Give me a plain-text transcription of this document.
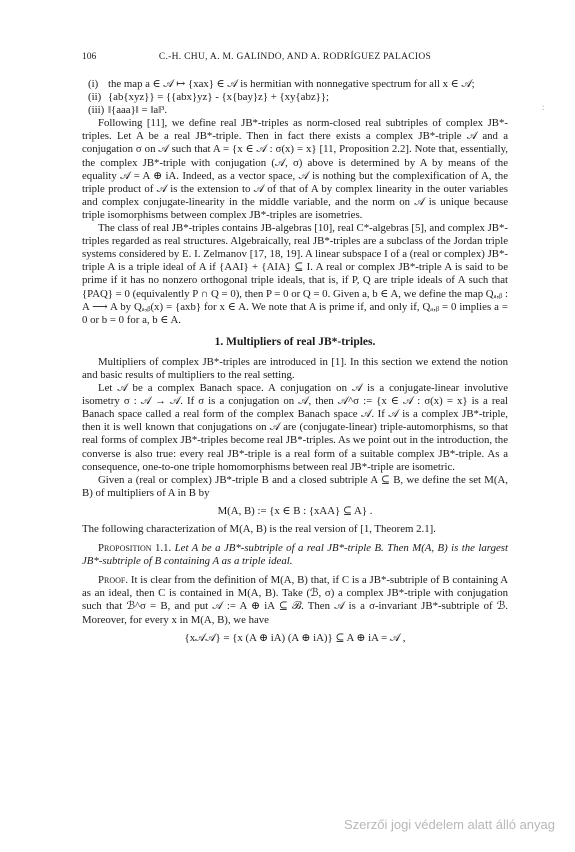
106	C.-H. CHU, A. M. GALINDO, AND A. RODRÍGUEZ PALACIOS
:
(i) the map a ∈ 𝒜 ↦ {xax} ∈ 𝒜 is hermitian with nonnegative spectrum for all x ∈ 𝒜;
(ii) {ab{xyz}} = {{abx}yz} - {x{bay}z} + {xy{abz}};
(iii) ‖{aaa}‖ = ‖a‖³.

Following [11], we define real JB*-triples as norm-closed real subtriples of complex JB*-triples. Let A be a real JB*-triple. Then in fact there exists a complex JB*-triple 𝒜 and a conjugation σ on 𝒜 such that A = {x ∈ 𝒜 : σ(x) = x} [11, Proposition 2.2]. Note that, essentially, the complex JB*-triple with conjugation (𝒜, σ) above is determined by A by means of the equality 𝒜 = A ⊕ iA. Indeed, as a vector space, 𝒜 is nothing but the complexification of A, the triple product of 𝒜 is the extension to 𝒜 of that of A by complex linearity in the outer variables and complex conjugate-linearity in the middle variable, and the norm on 𝒜 is unique because triple isomorphisms between complex JB*-triples are isometries.

The class of real JB*-triples contains JB-algebras [10], real C*-algebras [5], and complex JB*-triples regarded as real structures. Algebraically, real JB*-triples are a subclass of the Jordan triple systems considered by E. I. Zelmanov [17, 18, 19]. A linear subspace I of a (real or complex) JB*-triple A is a triple ideal of A if {AAI} + {AIA} ⊆ I. A real or complex JB*-triple A is said to be prime if it has no nonzero orthogonal triple ideals, that is, if P, Q are triple ideals of A such that {PAQ} = 0 (equivalently P ∩ Q = 0), then P = 0 or Q = 0. Given a, b ∈ A, we define the map Qₐ,ᵦ : A ⟶ A by Qₐ,ᵦ(x) = {axb} for x ∈ A. We note that A is prime if, and only if, Qₐ,ᵦ = 0 implies a = 0 or b = 0 for a, b ∈ A.

1. Multipliers of real JB*-triples.

Multipliers of complex JB*-triples are introduced in [1]. In this section we extend the notion and basic results of multipliers to the real setting.

Let 𝒜 be a complex Banach space. A conjugation on 𝒜 is a conjugate-linear involutive isometry σ : 𝒜 → 𝒜. If σ is a conjugation on 𝒜, then 𝒜^σ := {x ∈ 𝒜 : σ(x) = x} is a real Banach space called a real form of the complex Banach space 𝒜. If 𝒜 is a complex JB*-triple, then it is well known that conjugations on 𝒜 are (conjugate-linear) triple-automorphisms, so that real forms of complex JB*-triples become real JB*-triples. As we point out in the introduction, the converse is also true: every real JB*-triple is a real form of a suitable complex JB*-triple. As a consequence, one-to-one triple homomorphisms between real JB*-triple are isometric.

Given a (real or complex) JB*-triple B and a closed subtriple A ⊆ B, we define the set M(A, B) of multipliers of A in B by

M(A, B) := {x ∈ B : {xAA} ⊆ A} .

The following characterization of M(A, B) is the real version of [1, Theorem 2.1].

Proposition 1.1. Let A be a JB*-subtriple of a real JB*-triple B. Then M(A, B) is the largest JB*-subtriple of B containing A as a triple ideal.

Proof. It is clear from the definition of M(A, B) that, if C is a JB*-subtriple of B containing A as an ideal, then C is contained in M(A, B). Take (ℬ, σ) a complex JB*-triple with conjugation such that ℬ^σ = B, and put 𝒜 := A ⊕ iA ⊆ ℬ. Then 𝒜 is a σ-invariant JB*-subtriple of ℬ. Moreover, for every x in M(A, B), we have

{x𝒜𝒜} = {x (A ⊕ iA) (A ⊕ iA)} ⊆ A ⊕ iA = 𝒜 ,
Szerzői jogi védelem alatt álló anyag
